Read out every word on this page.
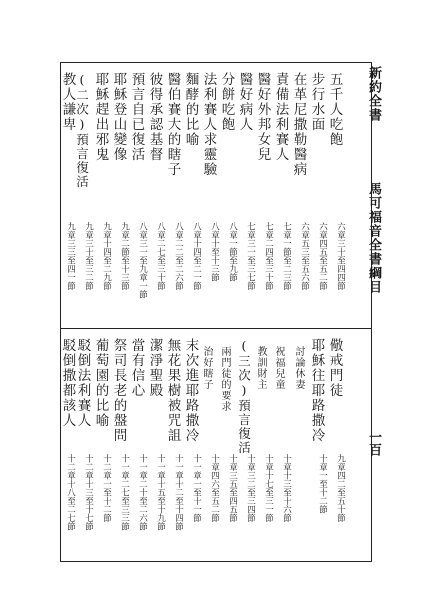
新約全書
馬可福音全書綱目
一百
五千人吃飽
六章三十至四四節
步行水面
六章四五至五二節
在革尼撒勒醫病
六章五三至五六節
責備法利賽人
七章一節至二三節
醫好外邦女兒
七章二四至三十節
醫好病人
七章三一至三七節
分餅吃飽
八章一節至九節
法利賽人求靈驗
八章十至十三節
麵酵的比喻
八章十四至二一節
醫伯賽大的瞎子
八章二二至二六節
彼得承認基督
八章二七至三十節
預言自已復活
八章三一至九章一節
耶穌登山變像
九章二節至十三節
耶穌趕出邪鬼
九章十四至二九節
(二次)預言復活
九章三十至三二節
教人謙卑
九章三三至四一節
儆戒門徒
九章四二至五十節
耶穌往耶路撒冷
十章一至十二節
討論休妻
祝福兒童
十章十三至十六節
教訓財主
十章十七至三一節
(三次)預言復活
十章三二至三四節
兩門徒的要求
十章三五至四五節
治好瞎子
十章四六至五二節
末次進耶路撒冷
十一章一至十一節
無花果樹被咒詛
十一章十二至十四節
潔淨聖殿
十一章十五至十九節
當有信心
十一章二十至二六節
祭司長老的盤問
十一章二七至三三節
葡萄園的比喻
十二章一至十二節
駁倒法利賽人
十二章十三至十七節
駁倒撒都該人
十二章十八至二七節
